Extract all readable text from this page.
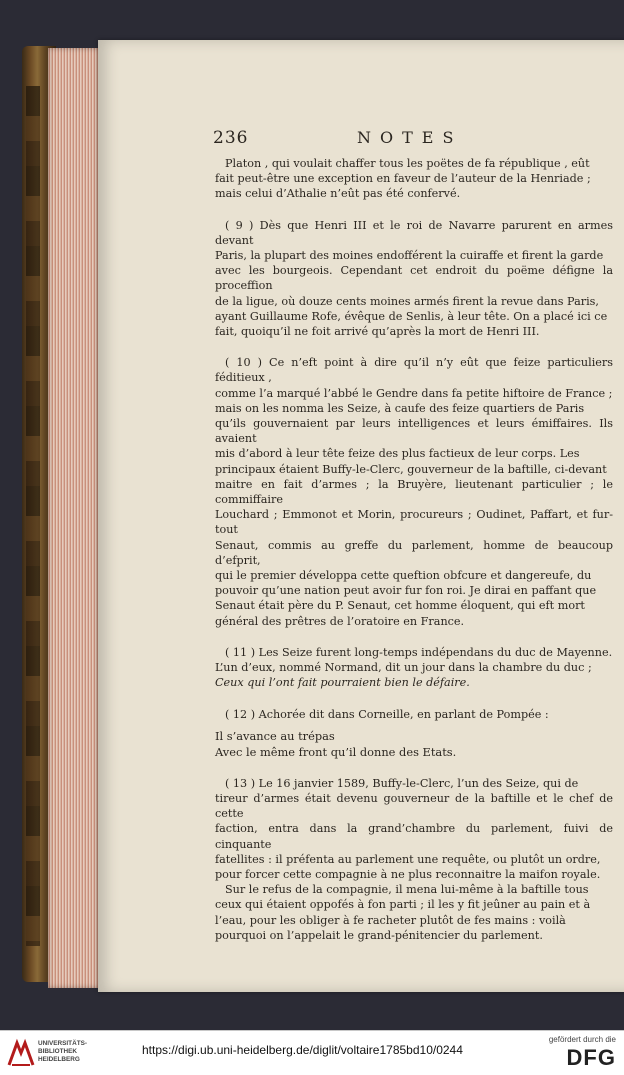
236	NOTES

Platon , qui voulait chaffer tous les poëtes de fa république , eût

fait peut-être une exception en faveur de l’auteur de la Henriade ;

mais celui d’Athalie n’eût pas été confervé.

( 9 ) Dès que Henri III et le roi de Navarre parurent en armes devant

Paris, la plupart des moines endofférent la cuiraffe et firent la garde

avec les bourgeois. Cependant cet endroit du poëme défigne la proceffion

de la ligue, où douze cents moines armés firent la revue dans Paris,

ayant Guillaume Rofe, évêque de Senlis, à leur tête. On a placé ici ce

fait, quoiqu’il ne foit arrivé qu’après la mort de Henri III.

( 10 ) Ce n’eft point à dire qu’il n’y eût que feize particuliers féditieux ,

comme l’a marqué l’abbé le Gendre dans fa petite hiftoire de France ;

mais on les nomma les Seize, à caufe des feize quartiers de Paris

qu’ils gouvernaient par leurs intelligences et leurs émiffaires. Ils avaient

mis d’abord à leur tête feize des plus factieux de leur corps. Les

principaux étaient Buffy-le-Clerc, gouverneur de la baftille, ci-devant

maitre en fait d’armes ; la Bruyère, lieutenant particulier ; le commiffaire

Louchard ; Emmonot et Morin, procureurs ; Oudinet, Paffart, et fur-tout

Senaut, commis au greffe du parlement, homme de beaucoup d’efprit,

qui le premier développa cette queftion obfcure et dangereufe, du

pouvoir qu’une nation peut avoir fur fon roi. Je dirai en paffant que

Senaut était père du P. Senaut, cet homme éloquent, qui eft mort

général des prêtres de l’oratoire en France.

( 11 ) Les Seize furent long-temps indépendans du duc de Mayenne.

L’un d’eux, nommé Normand, dit un jour dans la chambre du duc ;

Ceux qui l’ont fait pourraient bien le défaire.

( 12 ) Achorée dit dans Corneille, en parlant de Pompée :

Il s’avance au trépas

Avec le même front qu’il donne des Etats.

( 13 ) Le 16 janvier 1589, Buffy-le-Clerc, l’un des Seize, qui de

tireur d’armes était devenu gouverneur de la baftille et le chef de cette

faction, entra dans la grand’chambre du parlement, fuivi de cinquante

fatellites : il préfenta au parlement une requête, ou plutôt un ordre,

pour forcer cette compagnie à ne plus reconnaitre la maifon royale.

Sur le refus de la compagnie, il mena lui-même à la baftille tous

ceux qui étaient oppofés à fon parti ; il les y fit jeûner au pain et à

l’eau, pour les obliger à fe racheter plutôt de fes mains : voilà

pourquoi on l’appelait le grand-pénitencier du parlement.

UNIVERSITÄTS-
BIBLIOTHEK
HEIDELBERG
https://digi.ub.uni-heidelberg.de/diglit/voltaire1785bd10/0244
gefördert durch die
DFG
